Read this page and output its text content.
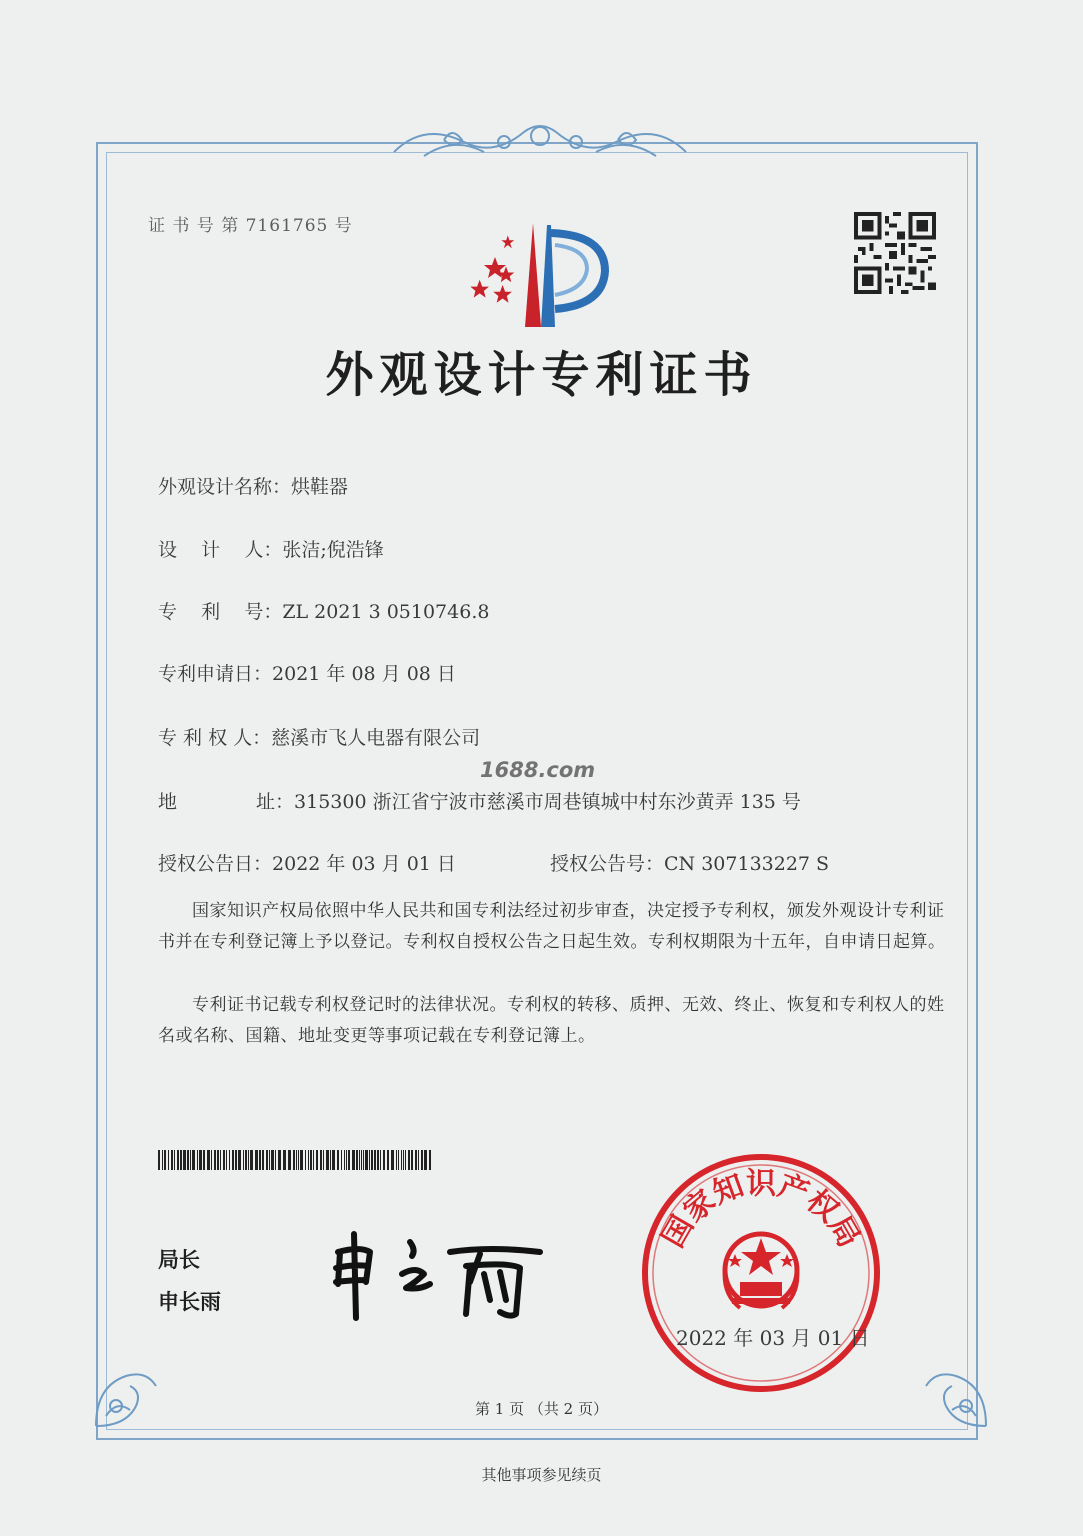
证 书 号 第 7161765 号
外观设计专利证书
外观设计名称：烘鞋器
设    计    人：张洁;倪浩锋
专    利    号：ZL 2021 3 0510746.8
专利申请日：2021 年 08 月 08 日
专 利 权 人：慈溪市飞人电器有限公司
地	址：315300 浙江省宁波市慈溪市周巷镇城中村东沙黄弄 135 号
授权公告日：2022 年 03 月 01 日	授权公告号：CN 307133227 S
1688.com
国家知识产权局依照中华人民共和国专利法经过初步审查，决定授予专利权，颁发外观设计专利证书并在专利登记簿上予以登记。专利权自授权公告之日起生效。专利权期限为十五年，自申请日起算。
专利证书记载专利权登记时的法律状况。专利权的转移、质押、无效、终止、恢复和专利权人的姓名或名称、国籍、地址变更等事项记载在专利登记簿上。
局长
申长雨
国家知识产权局
2022 年 03 月 01 日
第 1 页 （共 2 页）
其他事项参见续页
